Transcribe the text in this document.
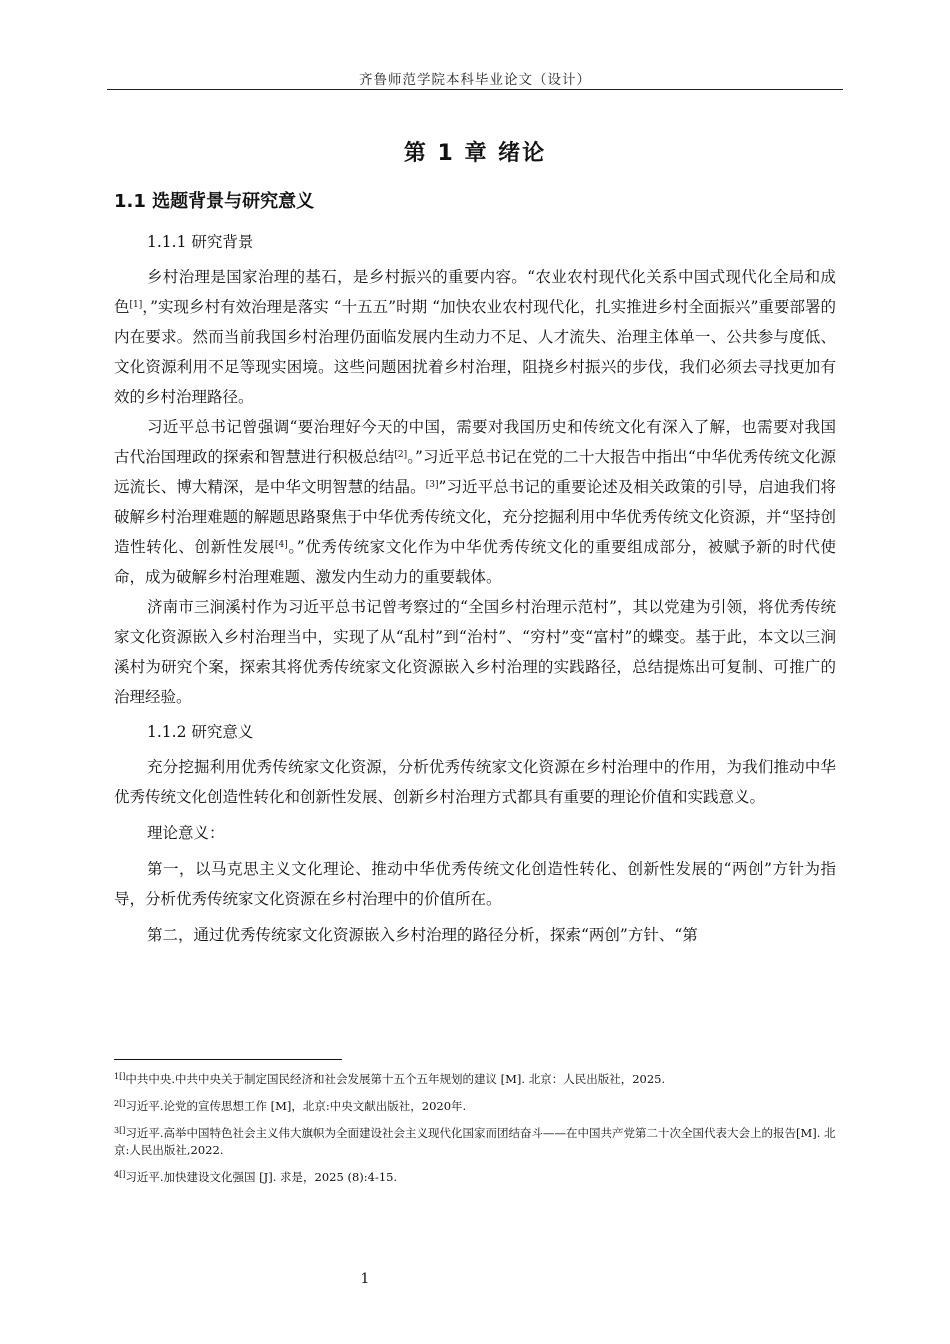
齐鲁师范学院本科毕业论文（设计）
第 1 章 绪论
1.1 选题背景与研究意义
1.1.1 研究背景

乡村治理是国家治理的基石，是乡村振兴的重要内容。“农业农村现代化关系中国式现代化全局和成色[1]，”实现乡村有效治理是落实 “十五五”时期 “加快农业农村现代化，扎实推进乡村全面振兴”重要部署的内在要求。然而当前我国乡村治理仍面临发展内生动力不足、人才流失、治理主体单一、公共参与度低、文化资源利用不足等现实困境。这些问题困扰着乡村治理，阻挠乡村振兴的步伐，我们必须去寻找更加有效的乡村治理路径。

习近平总书记曾强调“要治理好今天的中国，需要对我国历史和传统文化有深入了解，也需要对我国古代治国理政的探索和智慧进行积极总结[2]。”习近平总书记在党的二十大报告中指出“中华优秀传统文化源远流长、博大精深，是中华文明智慧的结晶。[3]”习近平总书记的重要论述及相关政策的引导，启迪我们将破解乡村治理难题的解题思路聚焦于中华优秀传统文化，充分挖掘利用中华优秀传统文化资源，并“坚持创造性转化、创新性发展[4]。”优秀传统家文化作为中华优秀传统文化的重要组成部分，被赋予新的时代使命，成为破解乡村治理难题、激发内生动力的重要载体。

济南市三涧溪村作为习近平总书记曾考察过的“全国乡村治理示范村”，其以党建为引领，将优秀传统家文化资源嵌入乡村治理当中，实现了从“乱村”到“治村”、“穷村”变“富村”的蝶变。基于此，本文以三涧溪村为研究个案，探索其将优秀传统家文化资源嵌入乡村治理的实践路径，总结提炼出可复制、可推广的治理经验。

1.1.2 研究意义

充分挖掘利用优秀传统家文化资源，分析优秀传统家文化资源在乡村治理中的作用，为我们推动中华优秀传统文化创造性转化和创新性发展、创新乡村治理方式都具有重要的理论价值和实践意义。

理论意义：

第一，以马克思主义文化理论、推动中华优秀传统文化创造性转化、创新性发展的“两创”方针为指导，分析优秀传统家文化资源在乡村治理中的价值所在。

第二，通过优秀传统家文化资源嵌入乡村治理的路径分析，探索“两创”方针、“第

$^{1[]}$中共中央.中共中央关于制定国民经济和社会发展第十五个五年规划的建议 [M]. 北京：人民出版社，2025.

$^{2[]}$习近平.论党的宣传思想工作 [M]，北京:中央文献出版社，2020年.

$^{3[]}$习近平.高举中国特色社会主义伟大旗帜为全面建设社会主义现代化国家而团结奋斗——在中国共产党第二十次全国代表大会上的报告[M]. 北京:人民出版社,2022.

$^{4[]}$习近平.加快建设文化强国 [J]. 求是，2025 (8):4-15.

1
